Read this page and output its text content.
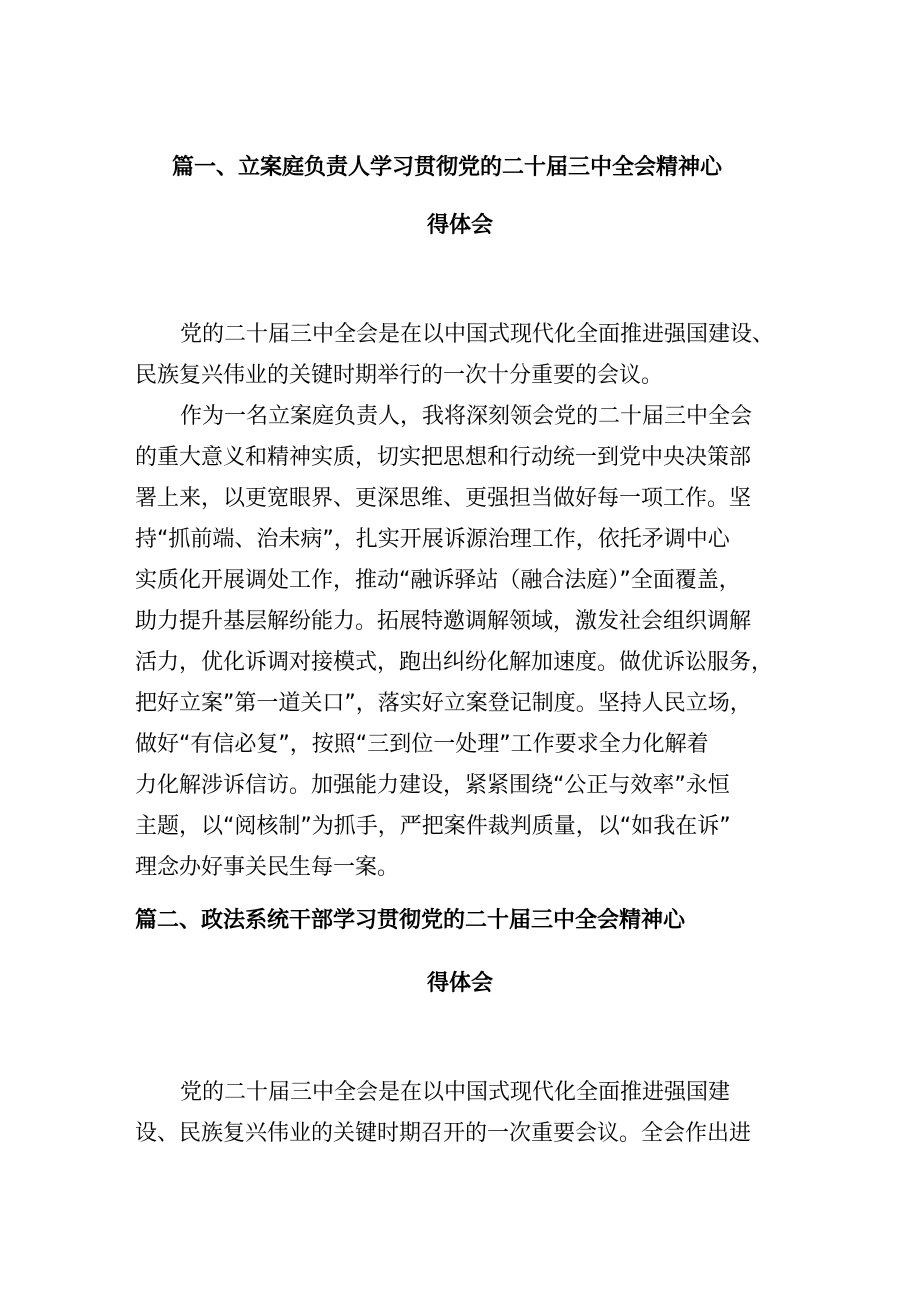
篇一、立案庭负责人学习贯彻党的二十届三中全会精神心
得体会
党的二十届三中全会是在以中国式现代化全面推进强国建设、
民族复兴伟业的关键时期举行的一次十分重要的会议。
作为一名立案庭负责人，我将深刻领会党的二十届三中全会
的重大意义和精神实质，切实把思想和行动统一到党中央决策部
署上来，以更宽眼界、更深思维、更强担当做好每一项工作。坚
持“抓前端、治未病”，扎实开展诉源治理工作，依托矛调中心
实质化开展调处工作，推动“融诉驿站（融合法庭）”全面覆盖，
助力提升基层解纷能力。拓展特邀调解领域，激发社会组织调解
活力，优化诉调对接模式，跑出纠纷化解加速度。做优诉讼服务，
把好立案”第一道关口”，落实好立案登记制度。坚持人民立场，
做好“有信必复”，按照“三到位一处理”工作要求全力化解着
力化解涉诉信访。加强能力建设，紧紧围绕“公正与效率”永恒
主题，以“阅核制”为抓手，严把案件裁判质量，以“如我在诉”
理念办好事关民生每一案。
篇二、政法系统干部学习贯彻党的二十届三中全会精神心
得体会
党的二十届三中全会是在以中国式现代化全面推进强国建
设、民族复兴伟业的关键时期召开的一次重要会议。全会作出进
